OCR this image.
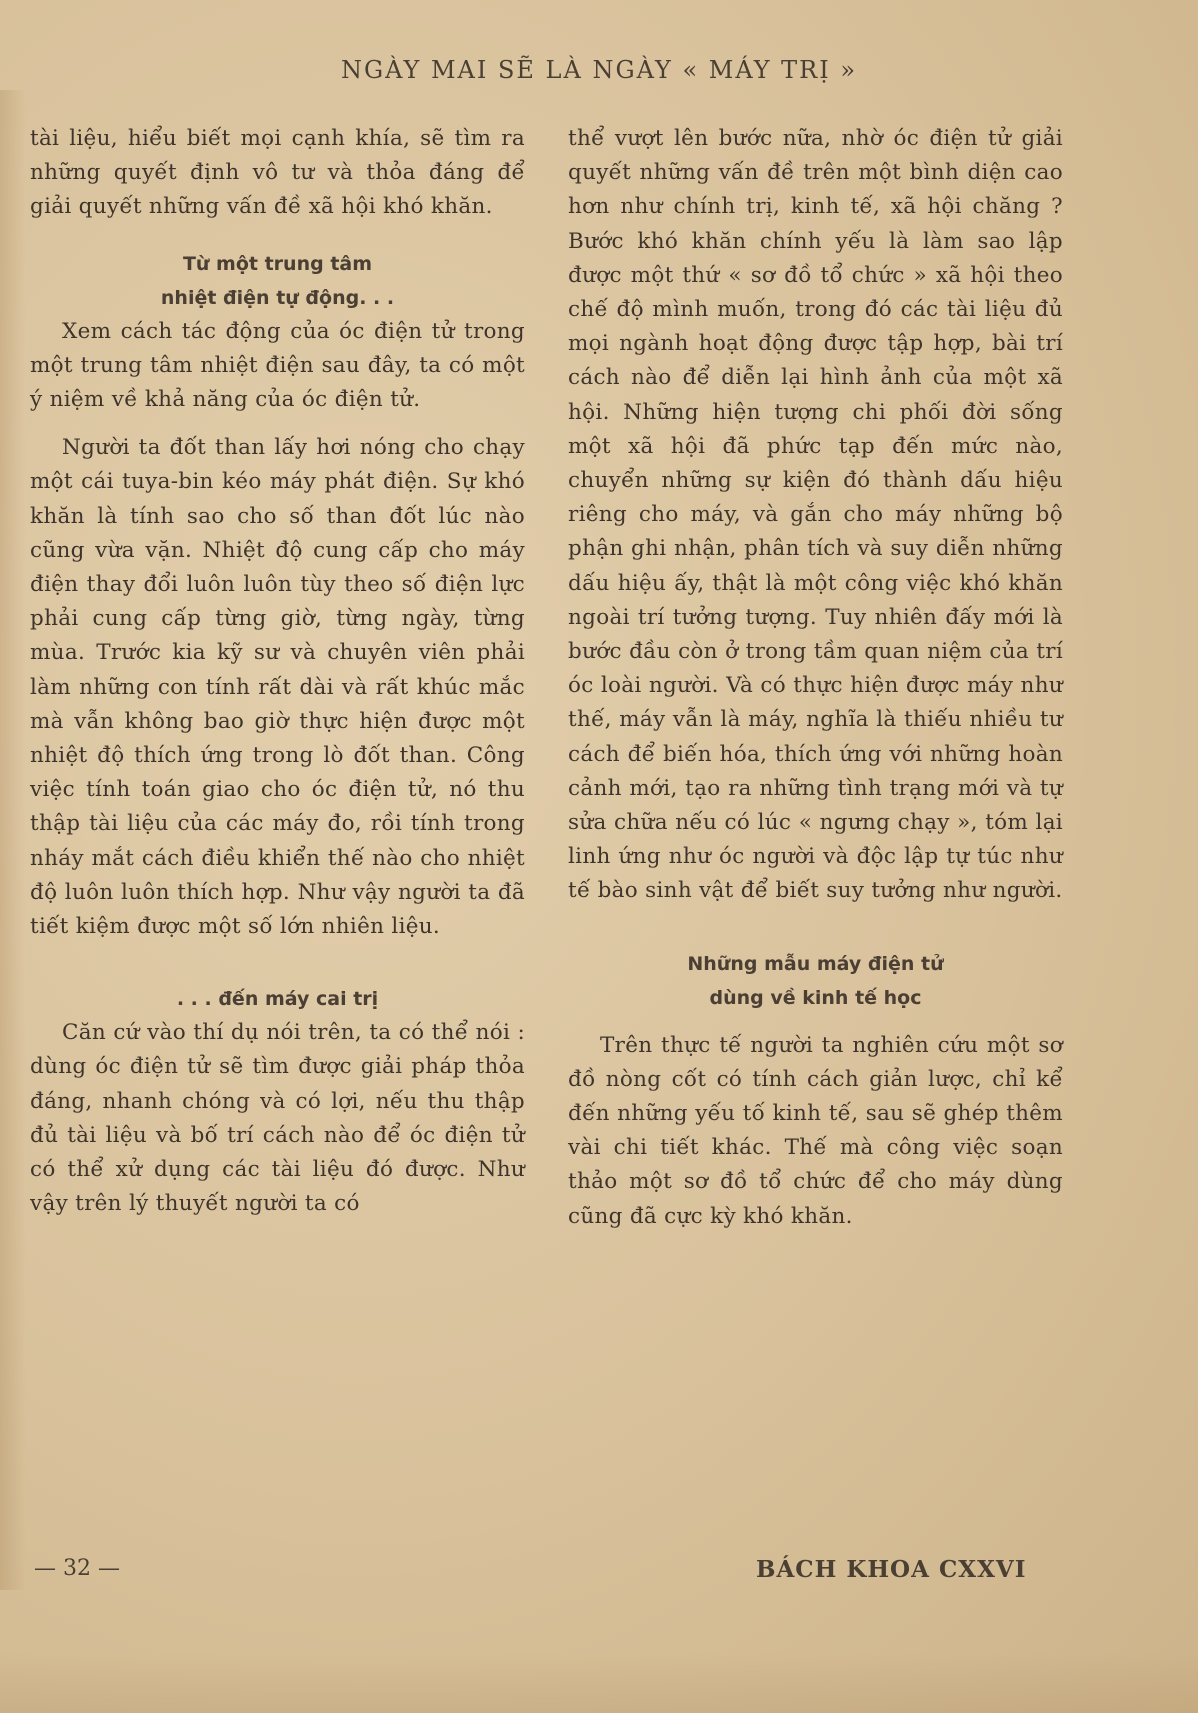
NGÀY MAI SẼ LÀ NGÀY « MÁY TRỊ »

tài liệu, hiểu biết mọi cạnh khía, sẽ tìm ra những quyết định vô tư và thỏa đáng để giải quyết những vấn đề xã hội khó khăn.

Từ một trung tâm
nhiệt điện tự động. . .

Xem cách tác động của óc điện tử trong một trung tâm nhiệt điện sau đây, ta có một ý niệm về khả năng của óc điện tử.

Người ta đốt than lấy hơi nóng cho chạy một cái tuya-bin kéo máy phát điện. Sự khó khăn là tính sao cho số than đốt lúc nào cũng vừa vặn. Nhiệt độ cung cấp cho máy điện thay đổi luôn luôn tùy theo số điện lực phải cung cấp từng giờ, từng ngày, từng mùa. Trước kia kỹ sư và chuyên viên phải làm những con tính rất dài và rất khúc mắc mà vẫn không bao giờ thực hiện được một nhiệt độ thích ứng trong lò đốt than. Công việc tính toán giao cho óc điện tử, nó thu thập tài liệu của các máy đo, rồi tính trong nháy mắt cách điều khiển thế nào cho nhiệt độ luôn luôn thích hợp. Như vậy người ta đã tiết kiệm được một số lớn nhiên liệu.

. . . đến máy cai trị

Căn cứ vào thí dụ nói trên, ta có thể nói : dùng óc điện tử sẽ tìm được giải pháp thỏa đáng, nhanh chóng và có lợi, nếu thu thập đủ tài liệu và bố trí cách nào để óc điện tử có thể xử dụng các tài liệu đó được. Như vậy trên lý thuyết người ta có

thể vượt lên bước nữa, nhờ óc điện tử giải quyết những vấn đề trên một bình diện cao hơn như chính trị, kinh tế, xã hội chăng ? Bước khó khăn chính yếu là làm sao lập được một thứ « sơ đồ tổ chức » xã hội theo chế độ mình muốn, trong đó các tài liệu đủ mọi ngành hoạt động được tập hợp, bài trí cách nào để diễn lại hình ảnh của một xã hội. Những hiện tượng chi phối đời sống một xã hội đã phức tạp đến mức nào, chuyển những sự kiện đó thành dấu hiệu riêng cho máy, và gắn cho máy những bộ phận ghi nhận, phân tích và suy diễn những dấu hiệu ấy, thật là một công việc khó khăn ngoài trí tưởng tượng. Tuy nhiên đấy mới là bước đầu còn ở trong tầm quan niệm của trí óc loài người. Và có thực hiện được máy như thế, máy vẫn là máy, nghĩa là thiếu nhiều tư cách để biến hóa, thích ứng với những hoàn cảnh mới, tạo ra những tình trạng mới và tự sửa chữa nếu có lúc « ngưng chạy », tóm lại linh ứng như óc người và độc lập tự túc như tế bào sinh vật để biết suy tưởng như người.

Những mẫu máy điện tử
dùng về kinh tế học

Trên thực tế người ta nghiên cứu một sơ đồ nòng cốt có tính cách giản lược, chỉ kể đến những yếu tố kinh tế, sau sẽ ghép thêm vài chi tiết khác. Thế mà công việc soạn thảo một sơ đồ tổ chức để cho máy dùng cũng đã cực kỳ khó khăn.

— 32 —	BÁCH KHOA CXXVI
